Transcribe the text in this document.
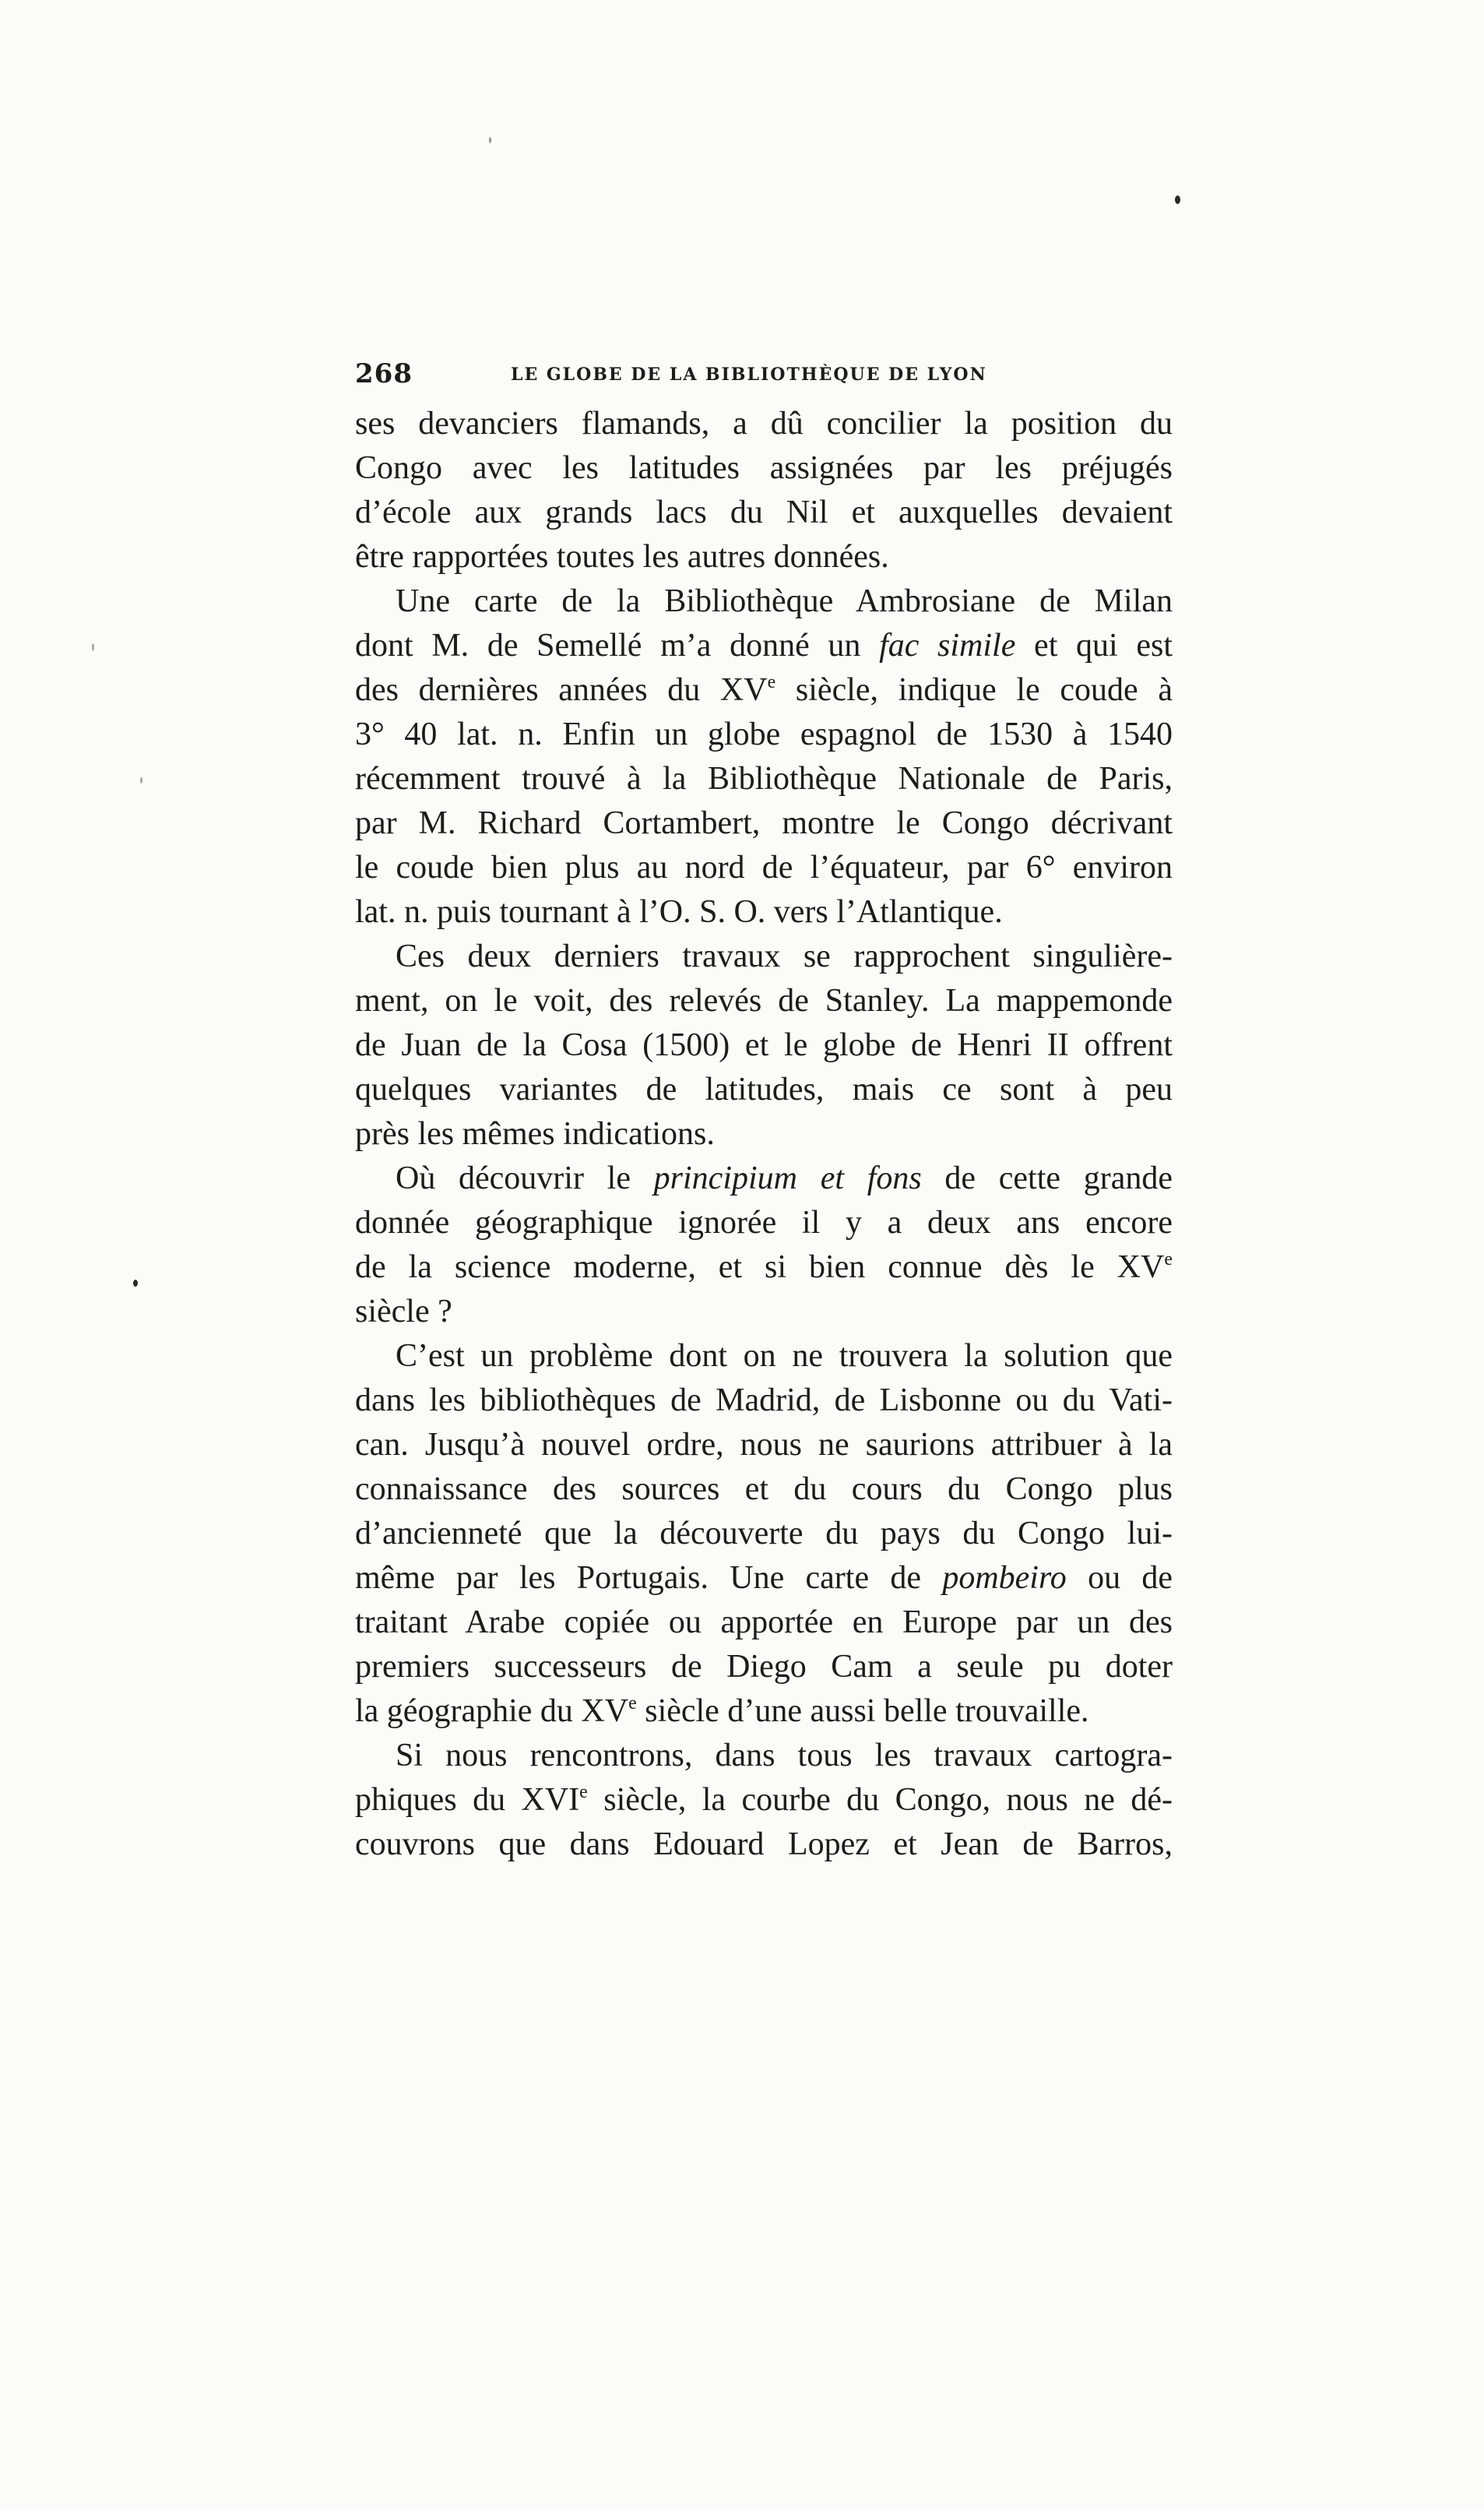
268	LE GLOBE DE LA BIBLIOTHÈQUE DE LYON
ses devanciers flamands, a dû concilier la position du
Congo avec les latitudes assignées par les préjugés
d’école aux grands lacs du Nil et auxquelles devaient
être rapportées toutes les autres données.
Une carte de la Bibliothèque Ambrosiane de Milan
dont M. de Semellé m’a donné un fac simile et qui est
des dernières années du XVe siècle, indique le coude à
3° 40 lat. n. Enfin un globe espagnol de 1530 à 1540
récemment trouvé à la Bibliothèque Nationale de Paris,
par M. Richard Cortambert, montre le Congo décrivant
le coude bien plus au nord de l’équateur, par 6° environ
lat. n. puis tournant à l’O. S. O. vers l’Atlantique.
Ces deux derniers travaux se rapprochent singulière-
ment, on le voit, des relevés de Stanley. La mappemonde
de Juan de la Cosa (1500) et le globe de Henri II offrent
quelques variantes de latitudes, mais ce sont à peu
près les mêmes indications.
Où découvrir le principium et fons de cette grande
donnée géographique ignorée il y a deux ans encore
de la science moderne, et si bien connue dès le XVe
siècle ?
C’est un problème dont on ne trouvera la solution que
dans les bibliothèques de Madrid, de Lisbonne ou du Vati-
can. Jusqu’à nouvel ordre, nous ne saurions attribuer à la
connaissance des sources et du cours du Congo plus
d’ancienneté que la découverte du pays du Congo lui-
même par les Portugais. Une carte de pombeiro ou de
traitant Arabe copiée ou apportée en Europe par un des
premiers successeurs de Diego Cam a seule pu doter
la géographie du XVe siècle d’une aussi belle trouvaille.
Si nous rencontrons, dans tous les travaux cartogra-
phiques du XVIe siècle, la courbe du Congo, nous ne dé-
couvrons que dans Edouard Lopez et Jean de Barros,
